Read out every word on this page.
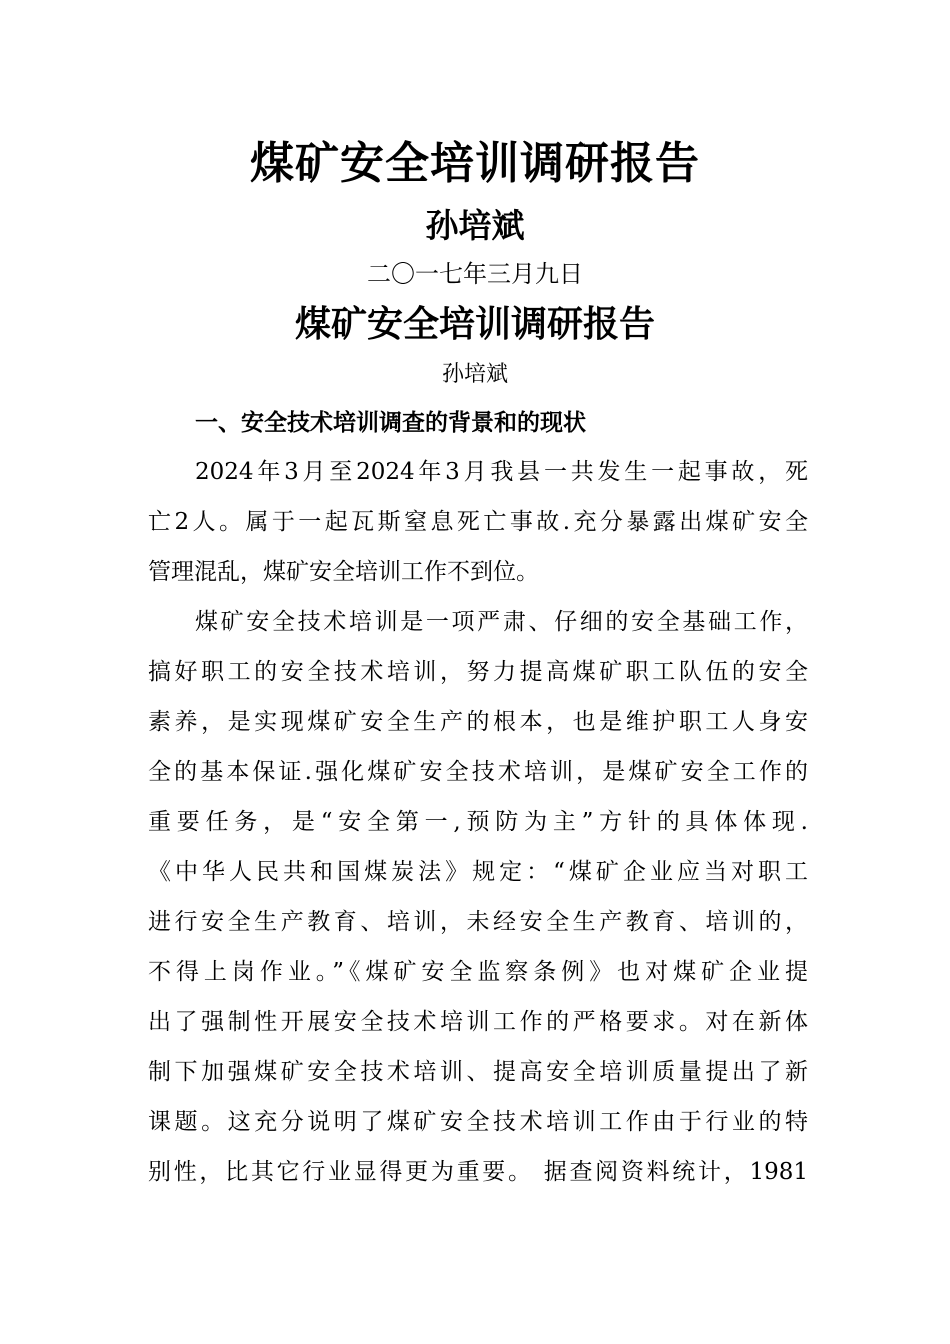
煤矿安全培训调研报告
孙培斌
二〇一七年三月九日
煤矿安全培训调研报告
孙培斌
一、安全技术培训调查的背景和的现状
2024年3月至2024年3月我县一共发生一起事故，死
亡2人。属于一起瓦斯窒息死亡事故.充分暴露出煤矿安全
管理混乱，煤矿安全培训工作不到位。
煤矿安全技术培训是一项严肃、仔细的安全基础工作，
搞好职工的安全技术培训，努力提高煤矿职工队伍的安全
素养，是实现煤矿安全生产的根本，也是维护职工人身安
全的基本保证.强化煤矿安全技术培训，是煤矿安全工作的
重要任务，是“安全第一,预防为主”方针的具体体现.
《中华人民共和国煤炭法》规定：“煤矿企业应当对职工
进行安全生产教育、培训，未经安全生产教育、培训的，
不得上岗作业。”《煤矿安全监察条例》也对煤矿企业提
出了强制性开展安全技术培训工作的严格要求。对在新体
制下加强煤矿安全技术培训、提高安全培训质量提出了新
课题。这充分说明了煤矿安全技术培训工作由于行业的特
别性，比其它行业显得更为重要。 据查阅资料统计，1981
